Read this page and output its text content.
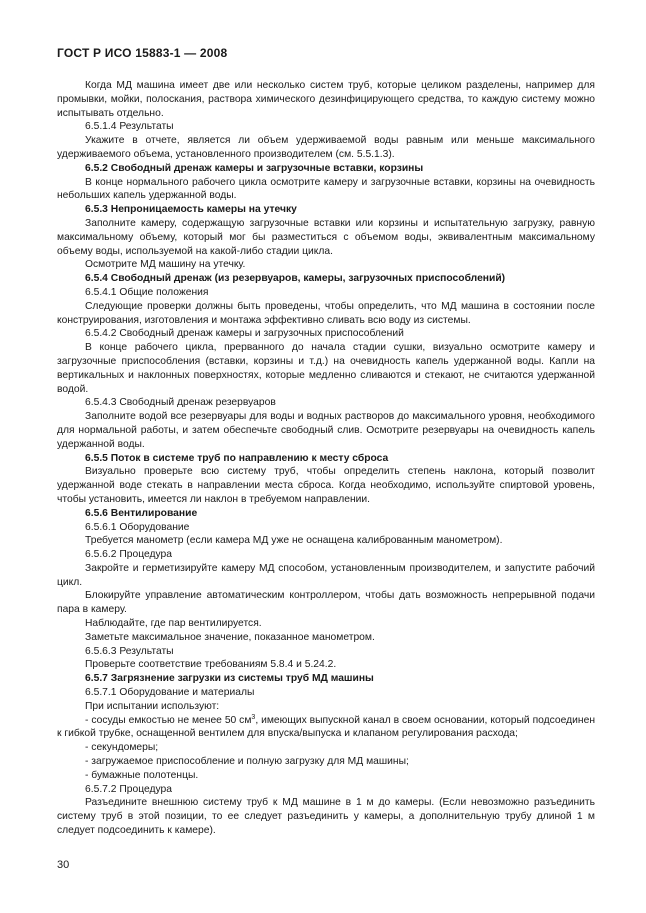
ГОСТ Р ИСО 15883-1 — 2008

Когда МД машина имеет две или несколько систем труб, которые целиком разделены, например для промывки, мойки, полоскания, раствора химического дезинфицирующего средства, то каждую систему можно испытывать отдельно.

6.5.1.4 Результаты

Укажите в отчете, является ли объем удерживаемой воды равным или меньше максимального удерживаемого объема, установленного производителем (см. 5.5.1.3).

6.5.2 Свободный дренаж камеры и загрузочные вставки, корзины

В конце нормального рабочего цикла осмотрите камеру и загрузочные вставки, корзины на очевидность небольших капель удержанной воды.

6.5.3 Непроницаемость камеры на утечку

Заполните камеру, содержащую загрузочные вставки или корзины и испытательную загрузку, равную максимальному объему, который мог бы разместиться с объемом воды, эквивалентным максимальному объему воды, используемой на какой-либо стадии цикла.

Осмотрите МД машину на утечку.

6.5.4 Свободный дренаж (из резервуаров, камеры, загрузочных приспособлений)

6.5.4.1 Общие положения

Следующие проверки должны быть проведены, чтобы определить, что МД машина в состоянии после конструирования, изготовления и монтажа эффективно сливать всю воду из системы.

6.5.4.2 Свободный дренаж камеры и загрузочных приспособлений

В конце рабочего цикла, прерванного до начала стадии сушки, визуально осмотрите камеру и загрузочные приспособления (вставки, корзины и т.д.) на очевидность капель удержанной воды. Капли на вертикальных и наклонных поверхностях, которые медленно сливаются и стекают, не считаются удержанной водой.

6.5.4.3 Свободный дренаж резервуаров

Заполните водой все резервуары для воды и водных растворов до максимального уровня, необходимого для нормальной работы, и затем обеспечьте свободный слив. Осмотрите резервуары на очевидность капель удержанной воды.

6.5.5 Поток в системе труб по направлению к месту сброса

Визуально проверьте всю систему труб, чтобы определить степень наклона, который позволит удержанной воде стекать в направлении места сброса. Когда необходимо, используйте спиртовой уровень, чтобы установить, имеется ли наклон в требуемом направлении.

6.5.6 Вентилирование

6.5.6.1 Оборудование

Требуется манометр (если камера МД уже не оснащена калиброванным манометром).

6.5.6.2 Процедура

Закройте и герметизируйте камеру МД способом, установленным производителем, и запустите рабочий цикл.

Блокируйте управление автоматическим контроллером, чтобы дать возможность непрерывной подачи пара в камеру.

Наблюдайте, где пар вентилируется.

Заметьте максимальное значение, показанное манометром.

6.5.6.3 Результаты

Проверьте соответствие требованиям 5.8.4 и 5.24.2.

6.5.7 Загрязнение загрузки из системы труб МД машины

6.5.7.1 Оборудование и материалы

При испытании используют:

- сосуды емкостью не менее 50 $см^3$, имеющих выпускной канал в своем основании, который подсоединен к гибкой трубке, оснащенной вентилем для впуска/выпуска и клапаном регулирования расхода;

- секундомеры;

- загружаемое приспособление и полную загрузку для МД машины;

- бумажные полотенцы.

6.5.7.2 Процедура

Разъедините внешнюю систему труб к МД машине в 1 м до камеры. (Если невозможно разъединить систему труб в этой позиции, то ее следует разъединить у камеры, а дополнительную трубу длиной 1 м следует подсоединить к камере).

30
